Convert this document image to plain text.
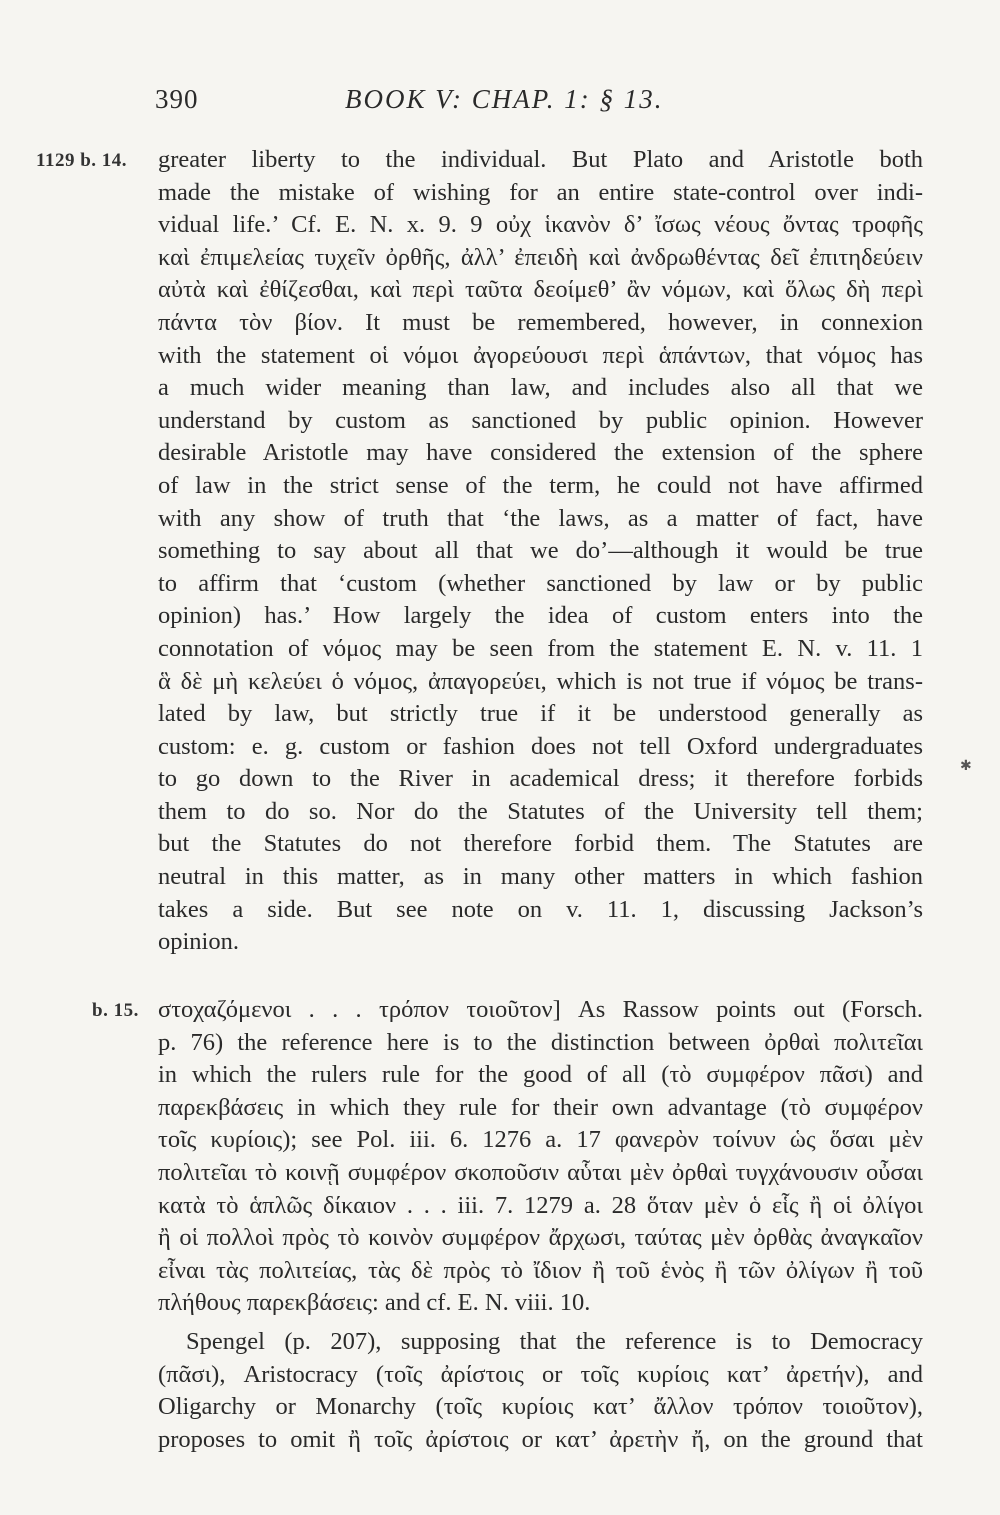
390	BOOK V: CHAP. 1: § 13.
1129 b. 14. greater liberty to the individual. But Plato and Aristotle both
made the mistake of wishing for an entire state-control over indi-
vidual life.’ Cf. E. N. x. 9. 9 οὐχ ἱκανὸν δ’ ἴσως νέους ὄντας τροφῆς
καὶ ἐπιμελείας τυχεῖν ὀρθῆς, ἀλλ’ ἐπειδὴ καὶ ἀνδρωθέντας δεῖ ἐπιτηδεύειν
αὐτὰ καὶ ἐθίζεσθαι, καὶ περὶ ταῦτα δεοίμεθ’ ἂν νόμων, καὶ ὅλως δὴ περὶ
πάντα τὸν βίον. It must be remembered, however, in connexion
with the statement οἱ νόμοι ἀγορεύουσι περὶ ἁπάντων, that νόμος has
a much wider meaning than law, and includes also all that we
understand by custom as sanctioned by public opinion. However
desirable Aristotle may have considered the extension of the sphere
of law in the strict sense of the term, he could not have affirmed
with any show of truth that ‘the laws, as a matter of fact, have
something to say about all that we do’—although it would be true
to affirm that ‘custom (whether sanctioned by law or by public
opinion) has.’ How largely the idea of custom enters into the
connotation of νόμος may be seen from the statement E. N. v. 11. 1
ἃ δὲ μὴ κελεύει ὁ νόμος, ἀπαγορεύει, which is not true if νόμος be trans-
lated by law, but strictly true if it be understood generally as
custom: e. g. custom or fashion does not tell Oxford undergraduates
to go down to the River in academical dress; it therefore forbids
them to do so. Nor do the Statutes of the University tell them;
but the Statutes do not therefore forbid them. The Statutes are
neutral in this matter, as in many other matters in which fashion
takes a side. But see note on v. 11. 1, discussing Jackson’s
opinion.
b. 15. στοχαζόμενοι . . . τρόπον τοιοῦτον] As Rassow points out (Forsch.
p. 76) the reference here is to the distinction between ὀρθαὶ πολιτεῖαι
in which the rulers rule for the good of all (τὸ συμφέρον πᾶσι) and
παρεκβάσεις in which they rule for their own advantage (τὸ συμφέρον
τοῖς κυρίοις); see Pol. iii. 6. 1276 a. 17 φανερὸν τοίνυν ὡς ὅσαι μὲν
πολιτεῖαι τὸ κοινῇ συμφέρον σκοποῦσιν αὗται μὲν ὀρθαὶ τυγχάνουσιν οὖσαι
κατὰ τὸ ἁπλῶς δίκαιον . . . iii. 7. 1279 a. 28 ὅταν μὲν ὁ εἷς ἢ οἱ ὀλίγοι
ἢ οἱ πολλοὶ πρὸς τὸ κοινὸν συμφέρον ἄρχωσι, ταύτας μὲν ὀρθὰς ἀναγκαῖον
εἶναι τὰς πολιτείας, τὰς δὲ πρὸς τὸ ἴδιον ἢ τοῦ ἑνὸς ἢ τῶν ὀλίγων ἢ τοῦ
πλήθους παρεκβάσεις: and cf. E. N. viii. 10.
Spengel (p. 207), supposing that the reference is to Democracy
(πᾶσι), Aristocracy (τοῖς ἀρίστοις or τοῖς κυρίοις κατ’ ἀρετήν), and
Oligarchy or Monarchy (τοῖς κυρίοις κατ’ ἄλλον τρόπον τοιοῦτον),
proposes to omit ἢ τοῖς ἀρίστοις or κατ’ ἀρετὴν ἤ, on the ground that
✱
